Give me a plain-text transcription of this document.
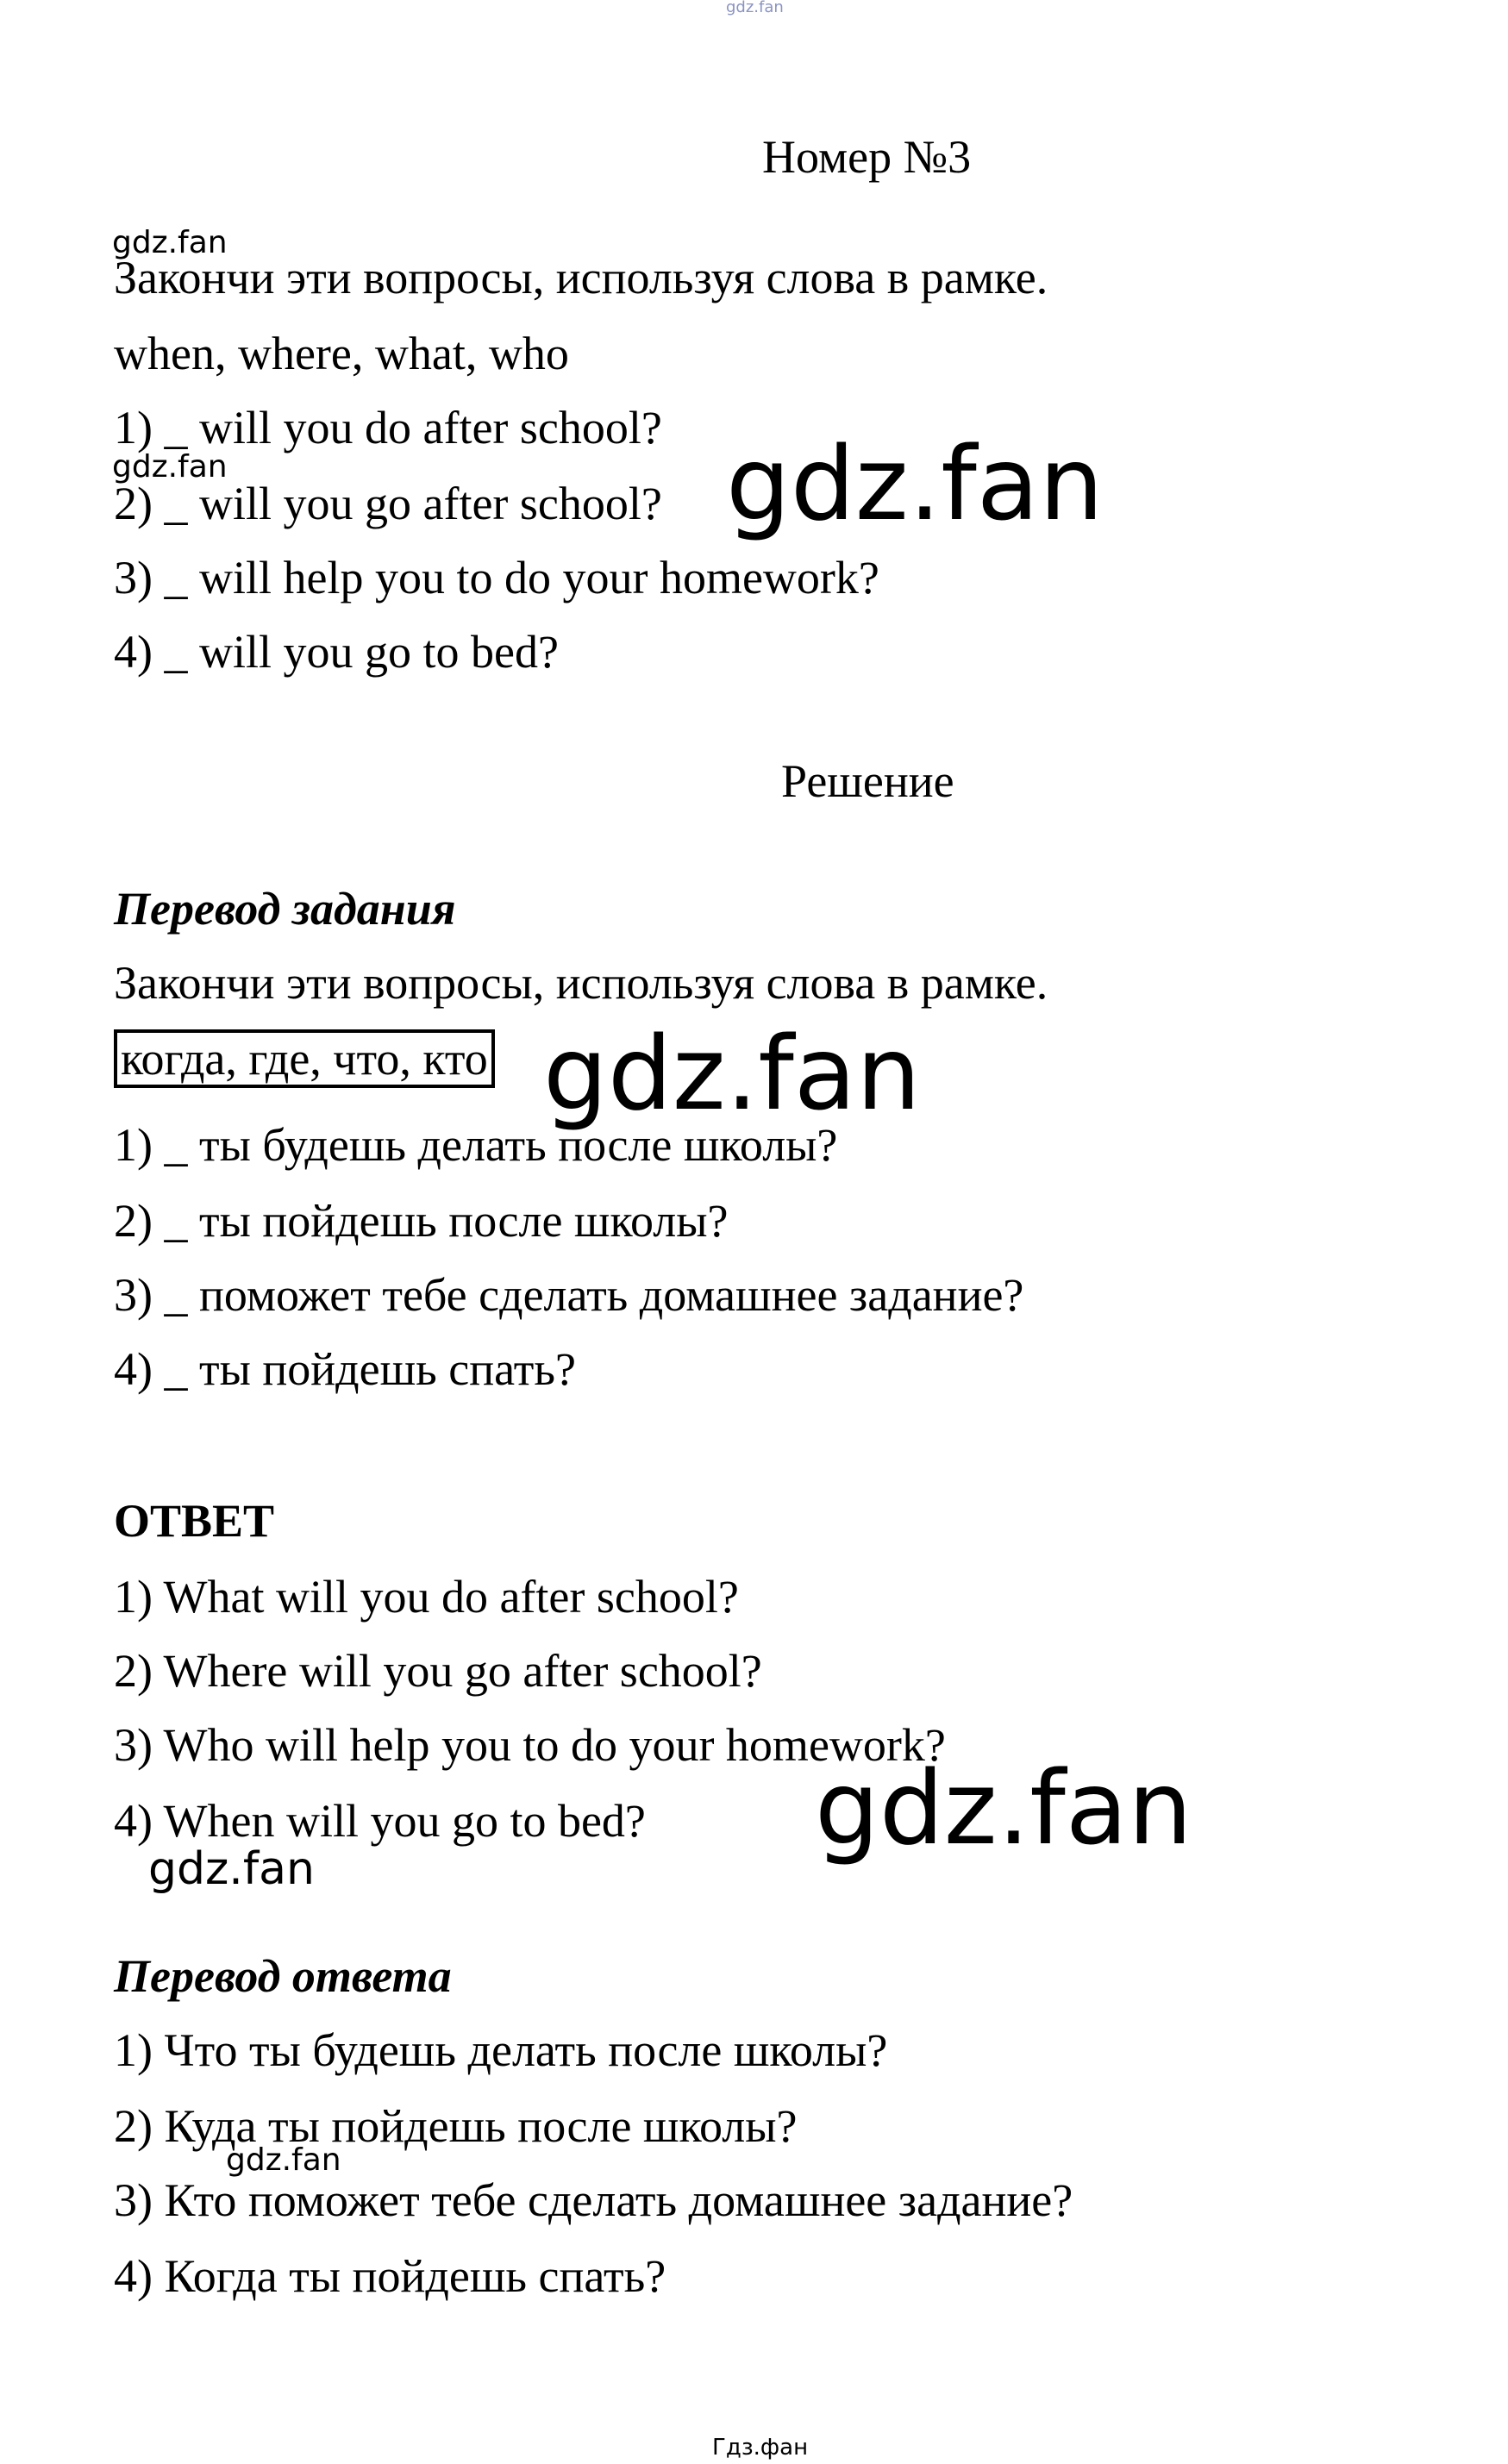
gdz.fan
Номер №3
gdz.fan
Закончи эти вопросы, используя слова в рамке.
when, where, what, who
1) _ will you do after school?
gdz.fan
2) _ will you go after school? gdz.fan
3) _ will help you to do your homework?
4) _ will you go to bed?
Решение
Перевод задания
Закончи эти вопросы, используя слова в рамке.
когда, где, что, кто gdz.fan
1) _ ты будешь делать после школы?
2) _ ты пойдешь после школы?
3) _ поможет тебе сделать домашнее задание?
4) _ ты пойдешь спать?
ОТВЕТ
1) What will you do after school?
2) Where will you go after school?
3) Who will help you to do your homework?
4) When will you go to bed? gdz.fan
gdz.fan
Перевод ответа
1) Что ты будешь делать после школы?
2) Куда ты пойдешь после школы?
gdz.fan
3) Кто поможет тебе сделать домашнее задание?
4) Когда ты пойдешь спать?
Гдз.фан
